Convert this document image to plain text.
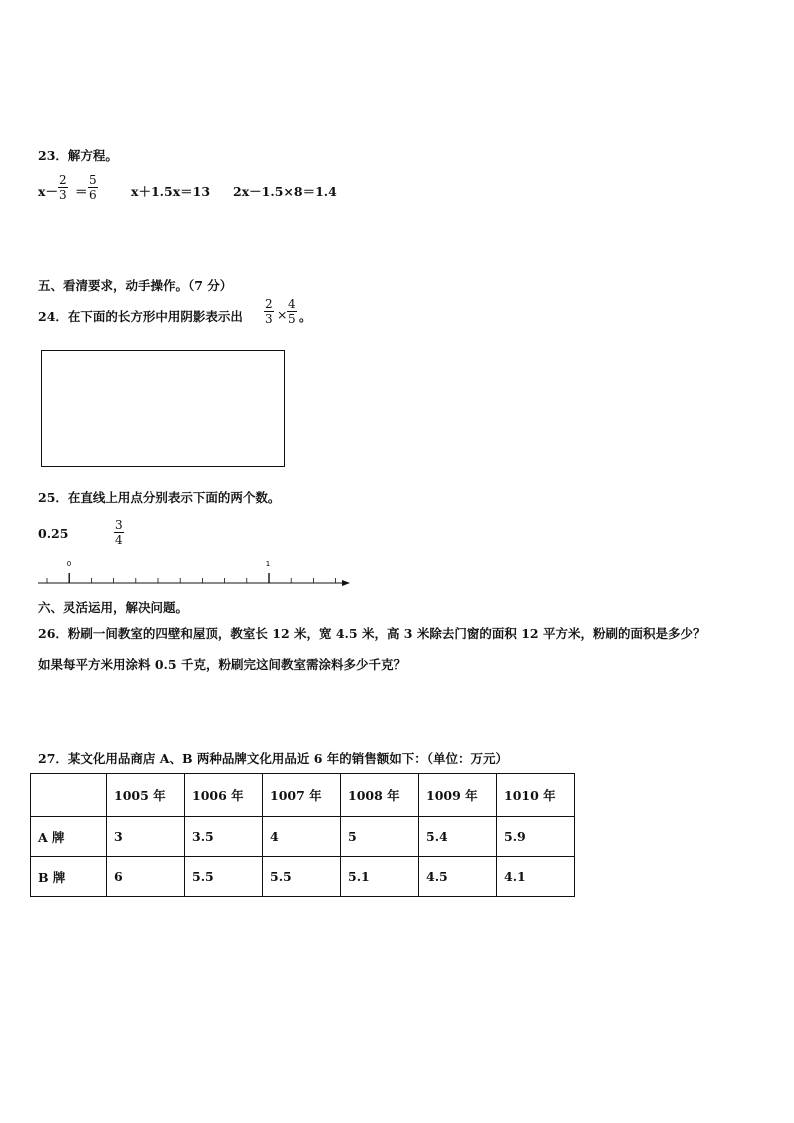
23．解方程。
$x- \frac{2}{3} = \frac{5}{6}$	x＋1.5x＝13 2x－1.5×8＝1.4
五、看清要求，动手操作。（7 分）
24．在下面的长方形中用阴影表示出 $\frac{2}{3} \times \frac{4}{5}$ 。
25．在直线上用点分别表示下面的两个数。
0.25	$\frac{3}{4}$
0	1
六、灵活运用，解决问题。
26．粉刷一间教室的四壁和屋顶，教室长 12 米，宽 4.5 米，高 3 米除去门窗的面积 12 平方米，粉刷的面积是多少？
如果每平方米用涂料 0.5 千克，粉刷完这间教室需涂料多少千克？
27．某文化用品商店 A、B 两种品牌文化用品近 6 年的销售额如下：（单位：万元）
	1005 年	1006 年	1007 年	1008 年	1009 年	1010 年
A 牌	3	3.5	4	5	5.4	5.9
B 牌	6	5.5	5.5	5.1	4.5	4.1
